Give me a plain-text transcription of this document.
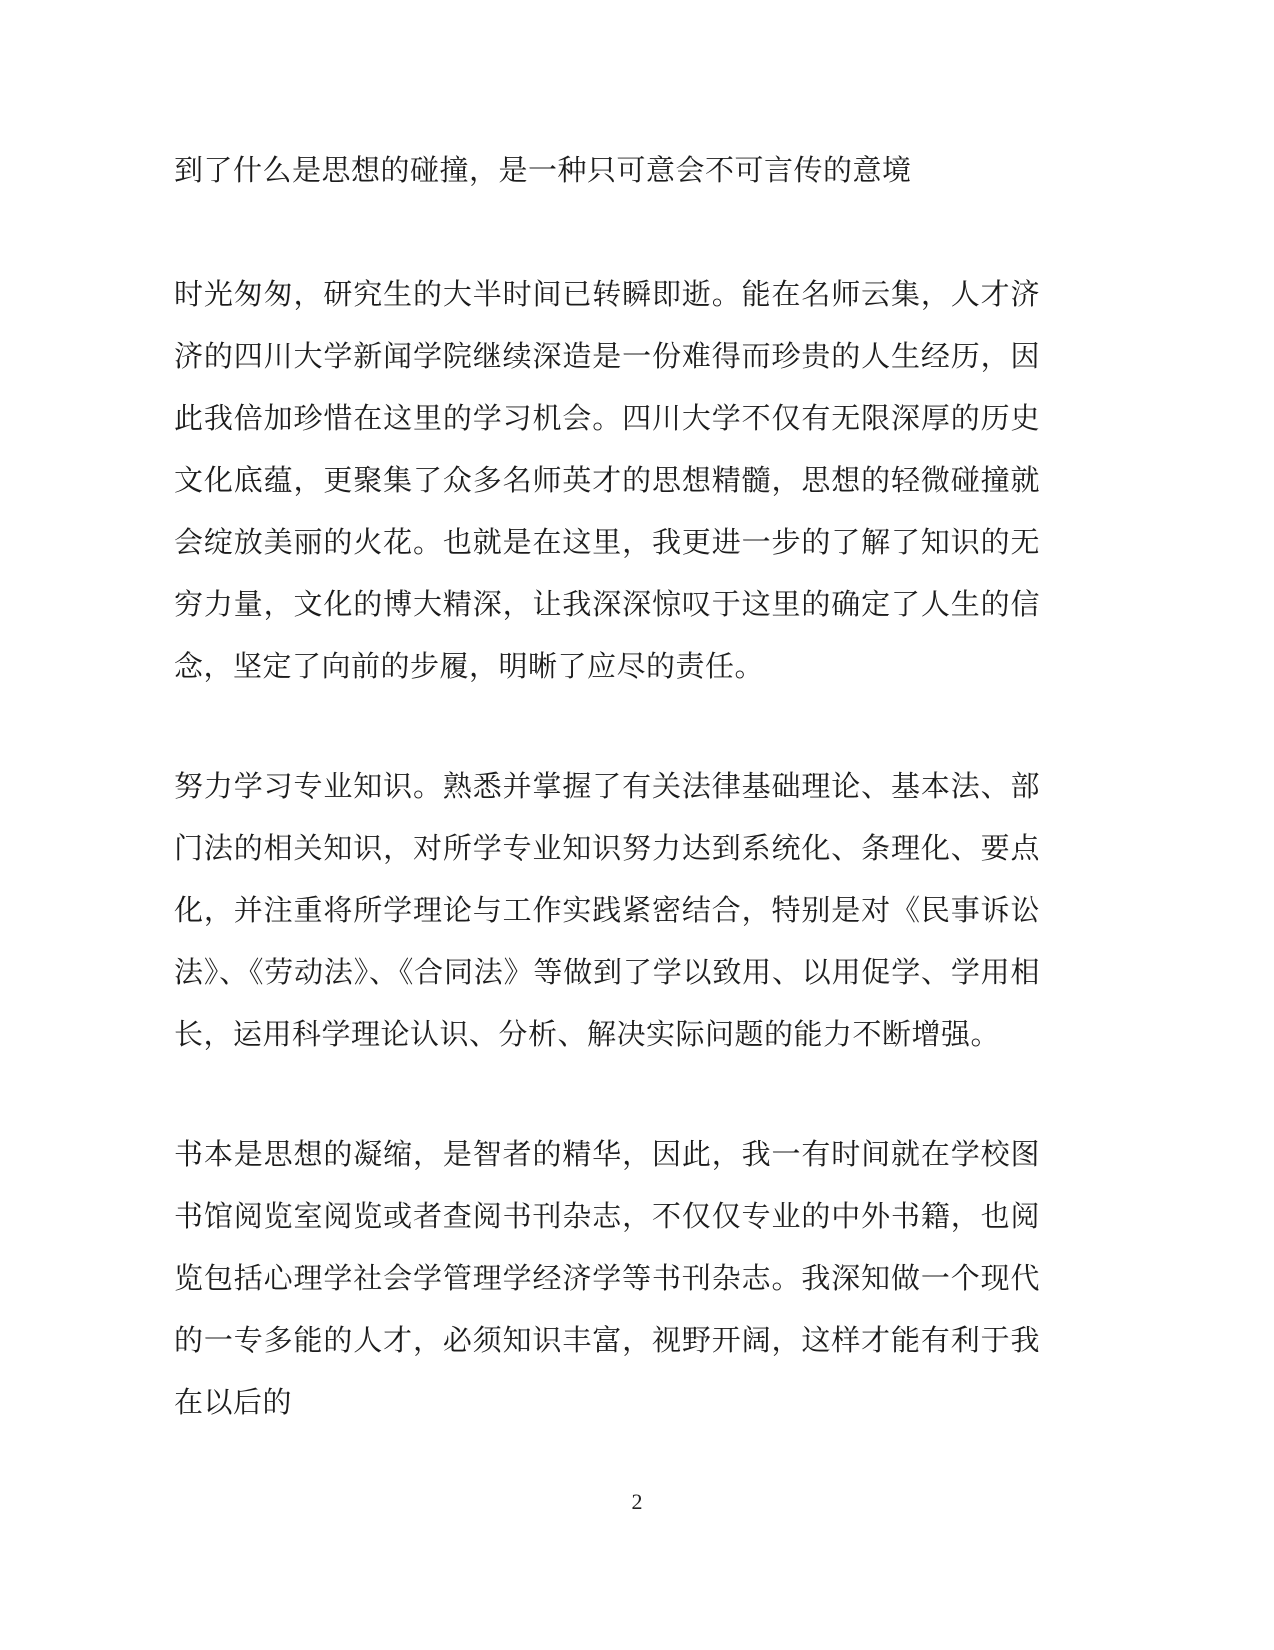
到了什么是思想的碰撞，是一种只可意会不可言传的意境

时光匆匆，研究生的大半时间已转瞬即逝。能在名师云集，人才济济的四川大学新闻学院继续深造是一份难得而珍贵的人生经历，因此我倍加珍惜在这里的学习机会。四川大学不仅有无限深厚的历史文化底蕴，更聚集了众多名师英才的思想精髓，思想的轻微碰撞就会绽放美丽的火花。也就是在这里，我更进一步的了解了知识的无穷力量，文化的博大精深，让我深深惊叹于这里的确定了人生的信念，坚定了向前的步履，明晰了应尽的责任。

努力学习专业知识。熟悉并掌握了有关法律基础理论、基本法、部门法的相关知识，对所学专业知识努力达到系统化、条理化、要点化，并注重将所学理论与工作实践紧密结合，特别是对《民事诉讼法》、《劳动法》、《合同法》等做到了学以致用、以用促学、学用相长，运用科学理论认识、分析、解决实际问题的能力不断增强。

书本是思想的凝缩，是智者的精华，因此，我一有时间就在学校图书馆阅览室阅览或者查阅书刊杂志，不仅仅专业的中外书籍，也阅览包括心理学社会学管理学经济学等书刊杂志。我深知做一个现代的一专多能的人才，必须知识丰富，视野开阔，这样才能有利于我在以后的

2
